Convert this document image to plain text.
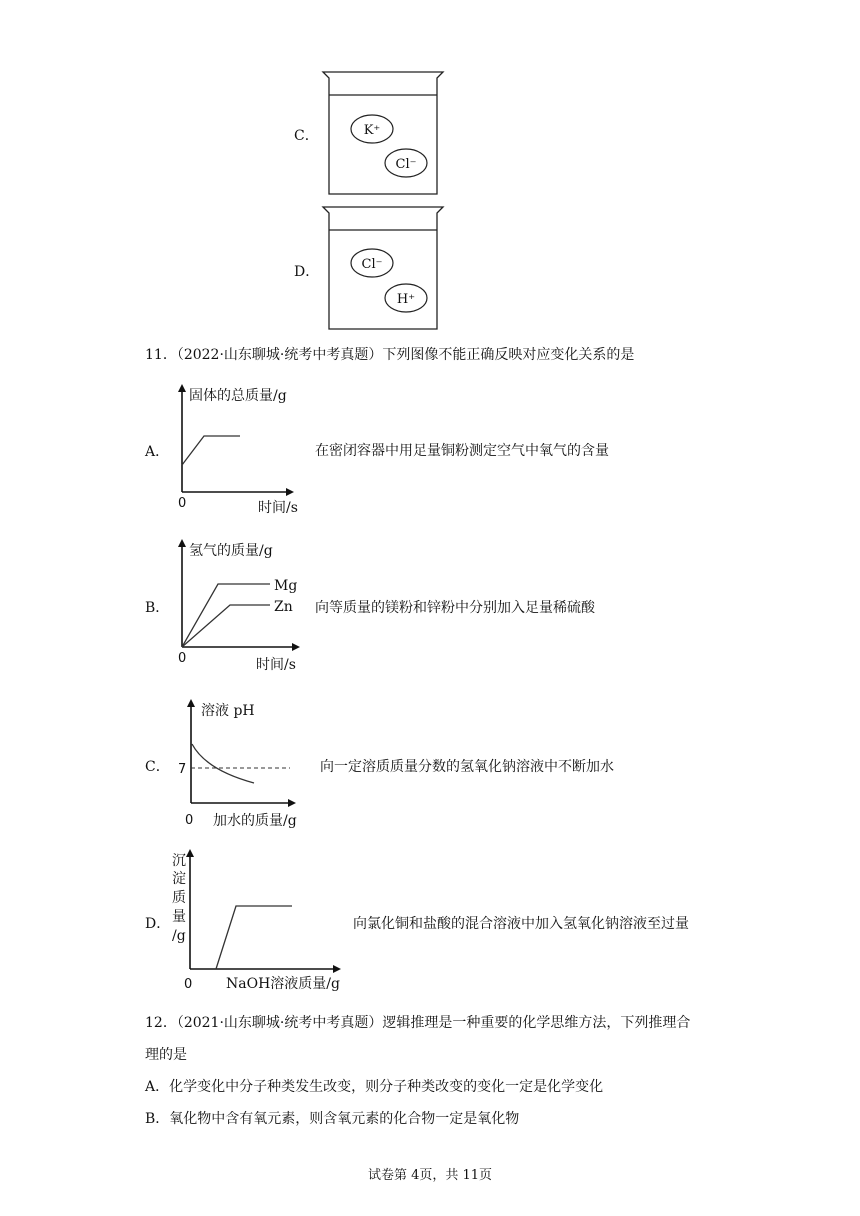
C．	K⁺
Cl⁻
D．	Cl⁻
H⁺
11．（2022·山东聊城·统考中考真题）下列图像不能正确反映对应变化关系的是
A．
固体的总质量/g
0	时间/s
在密闭容器中用足量铜粉测定空气中氧气的含量
B．
氢气的质量/g
Mg
Zn
0	时间/s
向等质量的镁粉和锌粉中分别加入足量稀硫酸
C．
溶液 pH
7
0 加水的质量/g
向一定溶质质量分数的氢氧化钠溶液中不断加水
D．
沉
淀
质
量
/g
0 NaOH溶液质量/g
向氯化铜和盐酸的混合溶液中加入氢氧化钠溶液至过量
12．（2021·山东聊城·统考中考真题）逻辑推理是一种重要的化学思维方法，下列推理合
理的是
A．化学变化中分子种类发生改变，则分子种类改变的变化一定是化学变化
B．氧化物中含有氧元素，则含氧元素的化合物一定是氧化物
试卷第 4页，共 11页
